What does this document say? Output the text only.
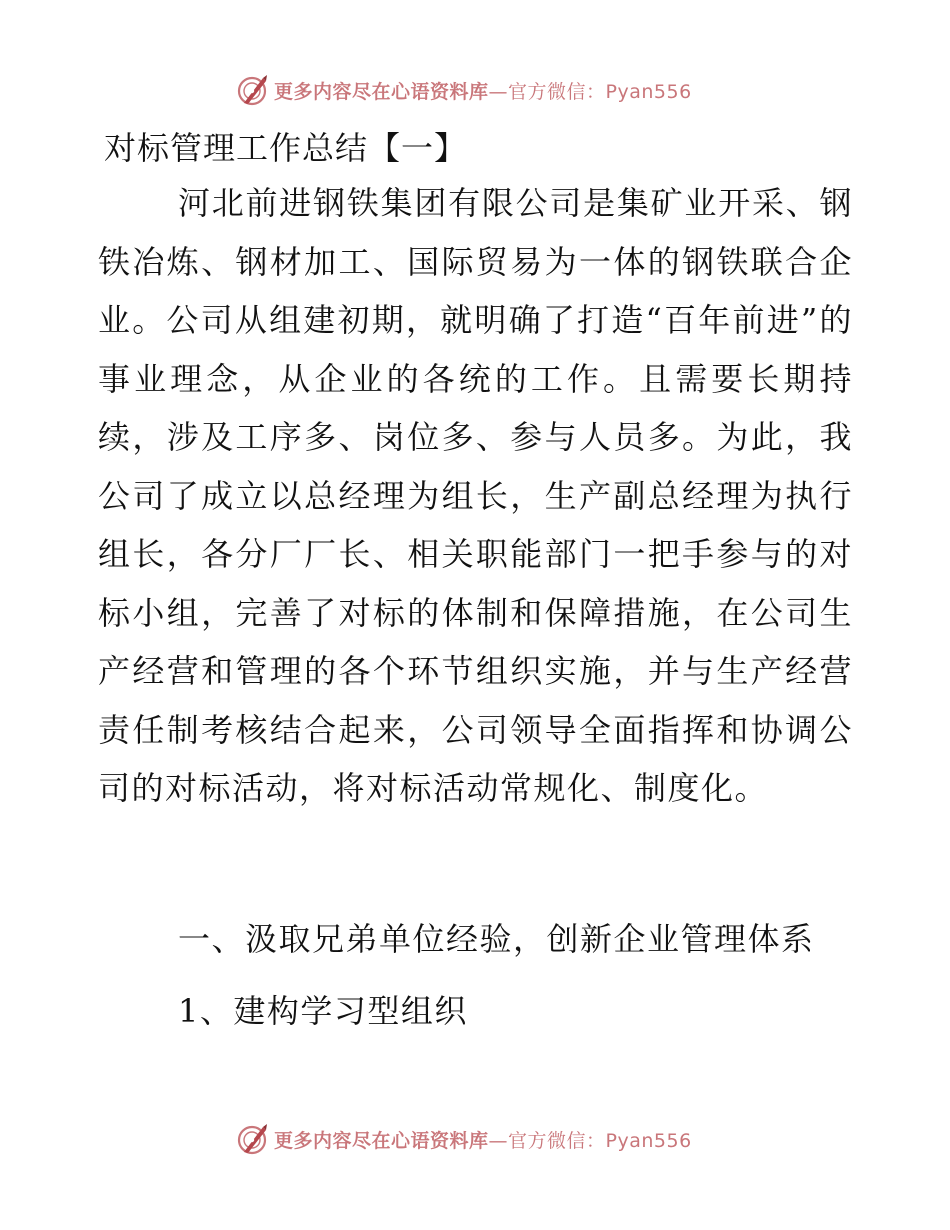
更多内容尽在心语资料库 —官方微信：Pyan556
对标管理工作总结【一】

河北前进钢铁集团有限公司是集矿业开采、钢铁冶炼、钢材加工、国际贸易为一体的钢铁联合企业。公司从组建初期，就明确了打造“百年前进”的事业理念，从企业的各统的工作。且需要长期持续，涉及工序多、岗位多、参与人员多。为此，我公司了成立以总经理为组长，生产副总经理为执行组长，各分厂厂长、相关职能部门一把手参与的对标小组，完善了对标的体制和保障措施，在公司生产经营和管理的各个环节组织实施，并与生产经营责任制考核结合起来，公司领导全面指挥和协调公司的对标活动，将对标活动常规化、制度化。

一、汲取兄弟单位经验，创新企业管理体系
1、建构学习型组织
更多内容尽在心语资料库 —官方微信：Pyan556
